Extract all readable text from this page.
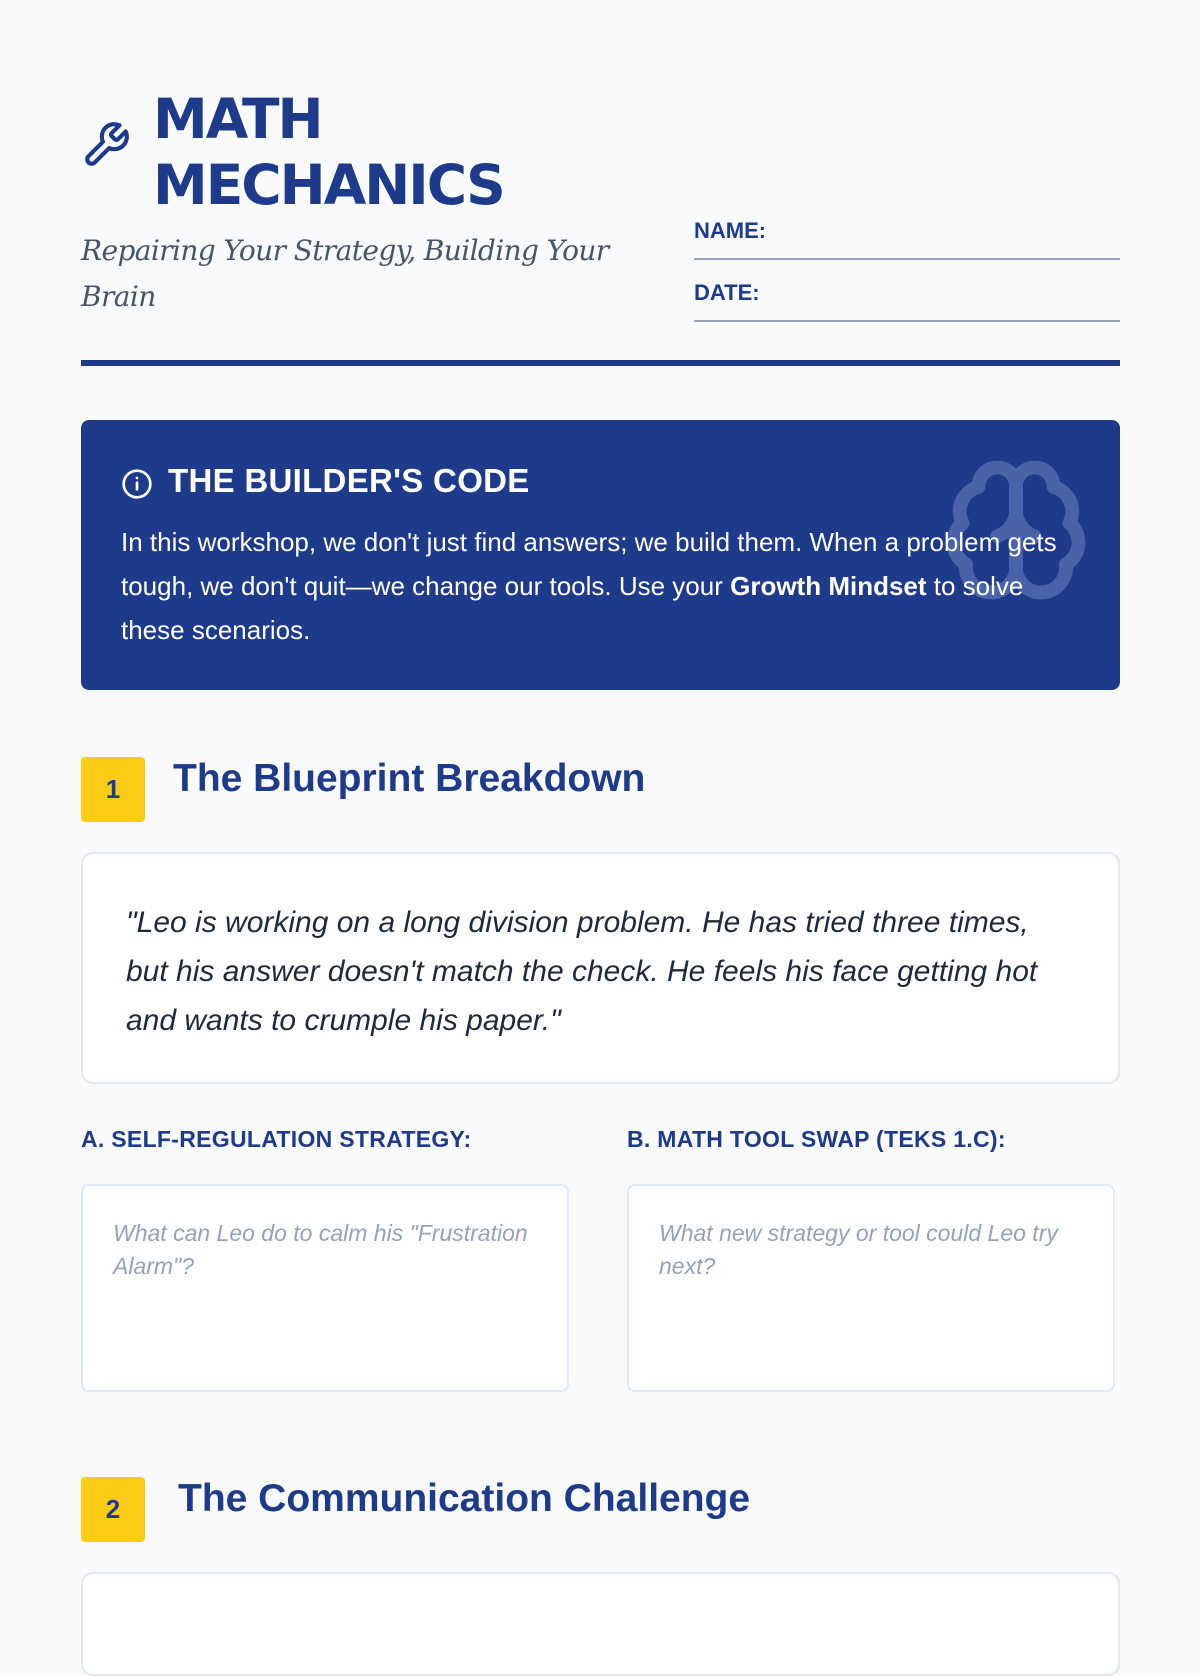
MATH MECHANICS

Repairing Your Strategy, Building Your Brain

NAME:
DATE:
THE BUILDER'S CODE

In this workshop, we don't just find answers; we build them. When a problem gets tough, we don't quit—we change our tools. Use your Growth Mindset to solve these scenarios.

1	The Blueprint Breakdown

"Leo is working on a long division problem. He has tried three times, but his answer doesn't match the check. He feels his face getting hot and wants to crumple his paper."

A. SELF-REGULATION STRATEGY:	B. MATH TOOL SWAP (TEKS 1.C):
What can Leo do to calm his "Frustration Alarm"?
What new strategy or tool could Leo try next?
2	The Communication Challenge
